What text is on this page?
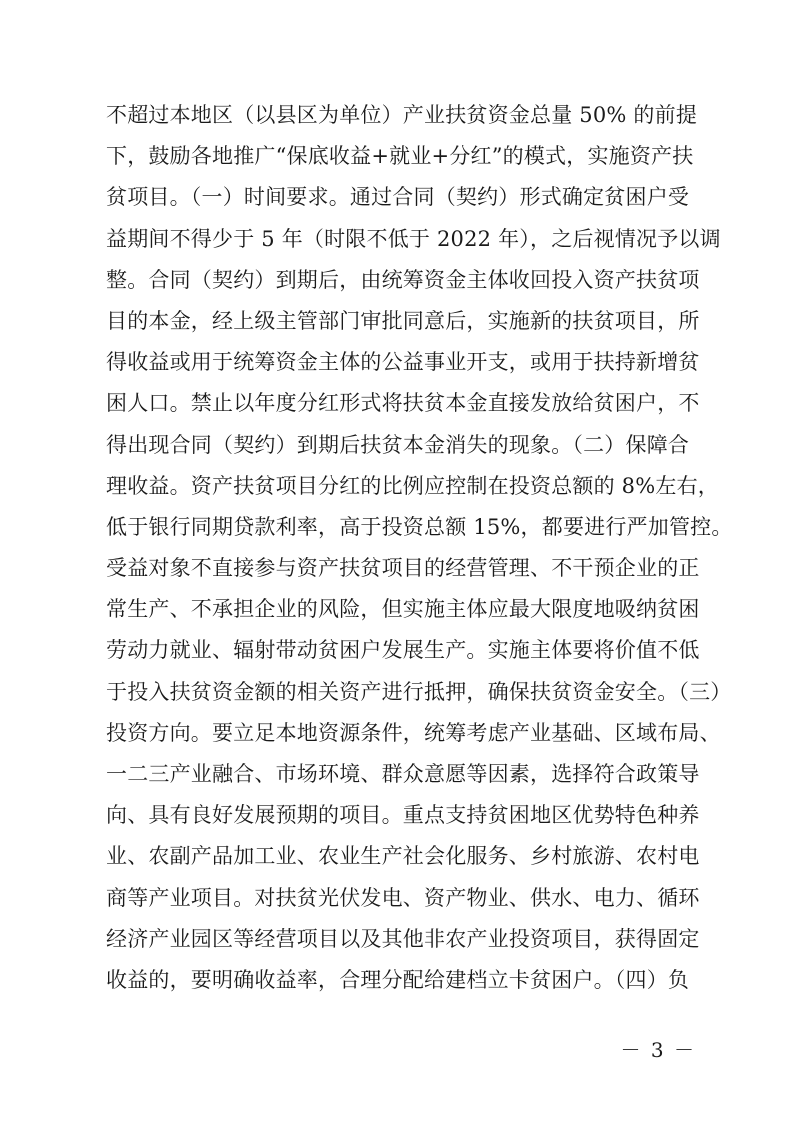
不超过本地区（以县区为单位）产业扶贫资金总量 50% 的前提
下，鼓励各地推广“保底收益+就业+分红”的模式，实施资产扶
贫项目。（一）时间要求。通过合同（契约）形式确定贫困户受
益期间不得少于 5 年（时限不低于 2022 年），之后视情况予以调
整。合同（契约）到期后，由统筹资金主体收回投入资产扶贫项
目的本金，经上级主管部门审批同意后，实施新的扶贫项目，所
得收益或用于统筹资金主体的公益事业开支，或用于扶持新增贫
困人口。禁止以年度分红形式将扶贫本金直接发放给贫困户，不
得出现合同（契约）到期后扶贫本金消失的现象。（二）保障合
理收益。资产扶贫项目分红的比例应控制在投资总额的 8%左右，
低于银行同期贷款利率，高于投资总额 15%，都要进行严加管控。
受益对象不直接参与资产扶贫项目的经营管理、不干预企业的正
常生产、不承担企业的风险，但实施主体应最大限度地吸纳贫困
劳动力就业、辐射带动贫困户发展生产。实施主体要将价值不低
于投入扶贫资金额的相关资产进行抵押，确保扶贫资金安全。（三）
投资方向。要立足本地资源条件，统筹考虑产业基础、区域布局、
一二三产业融合、市场环境、群众意愿等因素，选择符合政策导
向、具有良好发展预期的项目。重点支持贫困地区优势特色种养
业、农副产品加工业、农业生产社会化服务、乡村旅游、农村电
商等产业项目。对扶贫光伏发电、资产物业、供水、电力、循环
经济产业园区等经营项目以及其他非农产业投资项目，获得固定
收益的，要明确收益率，合理分配给建档立卡贫困户。（四）负
－ 3 －
